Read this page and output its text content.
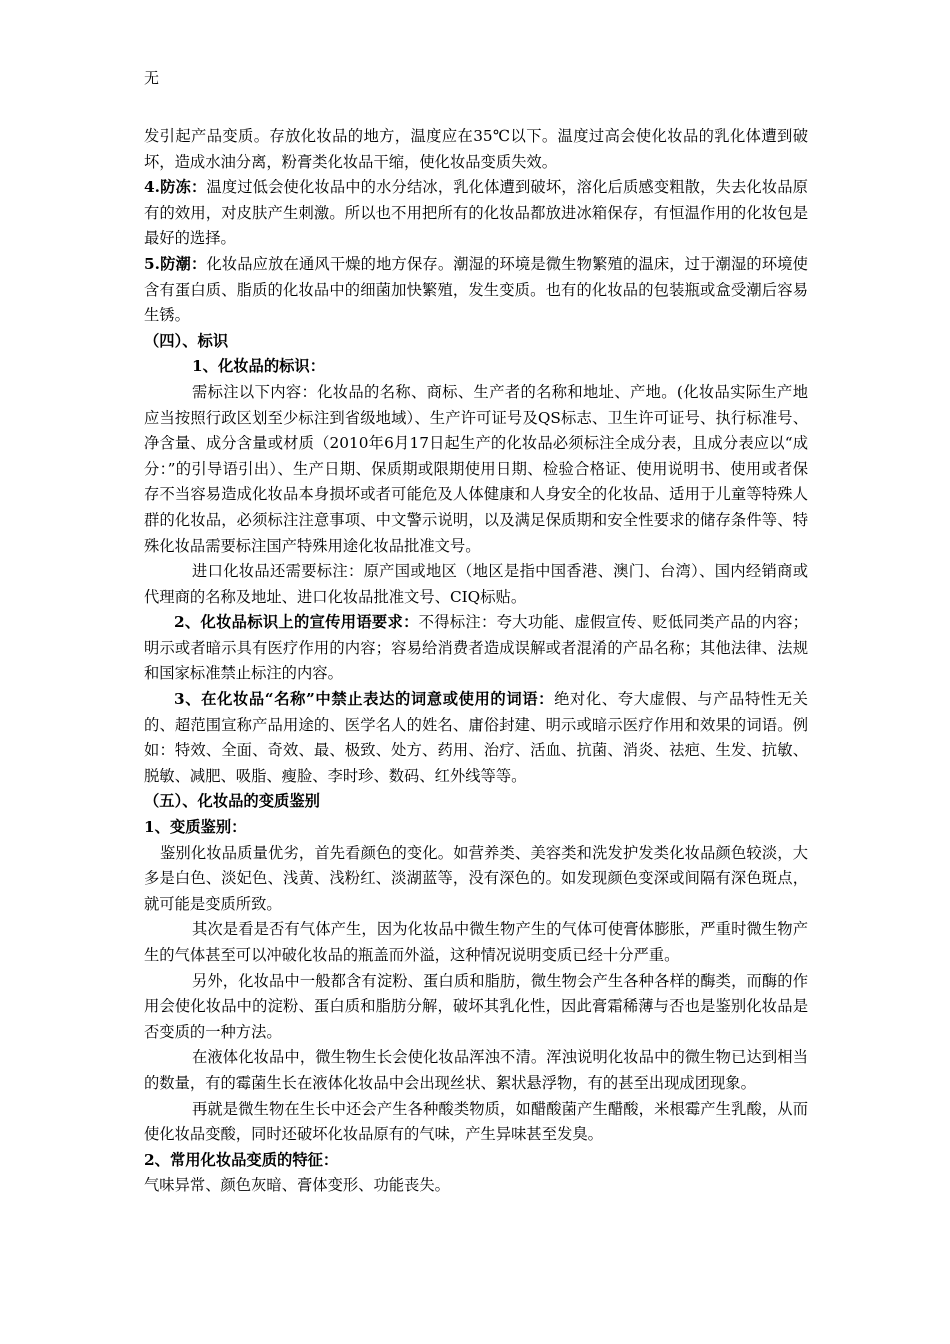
无

发引起产品变质。存放化妆品的地方，温度应在35℃以下。温度过高会使化妆品的乳化体遭到破坏，造成水油分离，粉膏类化妆品干缩，使化妆品变质失效。

4.防冻：温度过低会使化妆品中的水分结冰，乳化体遭到破坏，溶化后质感变粗散，失去化妆品原有的效用，对皮肤产生刺激。所以也不用把所有的化妆品都放进冰箱保存，有恒温作用的化妆包是最好的选择。

5.防潮：化妆品应放在通风干燥的地方保存。潮湿的环境是微生物繁殖的温床，过于潮湿的环境使含有蛋白质、脂质的化妆品中的细菌加快繁殖，发生变质。也有的化妆品的包装瓶或盒受潮后容易生锈。

（四）、标识

1、化妆品的标识：

需标注以下内容：化妆品的名称、商标、生产者的名称和地址、产地。(化妆品实际生产地应当按照行政区划至少标注到省级地域）、生产许可证号及QS标志、卫生许可证号、执行标准号、净含量、成分含量或材质（2010年6月17日起生产的化妆品必须标注全成分表，且成分表应以“成分：”的引导语引出）、生产日期、保质期或限期使用日期、检验合格证、使用说明书、使用或者保存不当容易造成化妆品本身损坏或者可能危及人体健康和人身安全的化妆品、适用于儿童等特殊人群的化妆品，必须标注注意事项、中文警示说明，以及满足保质期和安全性要求的储存条件等、特殊化妆品需要标注国产特殊用途化妆品批准文号。

进口化妆品还需要标注：原产国或地区（地区是指中国香港、澳门、台湾）、国内经销商或代理商的名称及地址、进口化妆品批准文号、CIQ标贴。

2、化妆品标识上的宣传用语要求：不得标注：夸大功能、虚假宣传、贬低同类产品的内容；明示或者暗示具有医疗作用的内容；容易给消费者造成误解或者混淆的产品名称；其他法律、法规和国家标准禁止标注的内容。

3、在化妆品“名称”中禁止表达的词意或使用的词语：绝对化、夸大虚假、与产品特性无关的、超范围宣称产品用途的、医学名人的姓名、庸俗封建、明示或暗示医疗作用和效果的词语。例如：特效、全面、奇效、最、极致、处方、药用、治疗、活血、抗菌、消炎、祛疤、生发、抗敏、脱敏、减肥、吸脂、瘦脸、李时珍、数码、红外线等等。

（五）、化妆品的变质鉴别

1、变质鉴别：

鉴别化妆品质量优劣，首先看颜色的变化。如营养类、美容类和洗发护发类化妆品颜色较淡，大多是白色、淡妃色、浅黄、浅粉红、淡湖蓝等，没有深色的。如发现颜色变深或间隔有深色斑点，就可能是变质所致。

其次是看是否有气体产生，因为化妆品中微生物产生的气体可使膏体膨胀，严重时微生物产生的气体甚至可以冲破化妆品的瓶盖而外溢，这种情况说明变质已经十分严重。

另外，化妆品中一般都含有淀粉、蛋白质和脂肪，微生物会产生各种各样的酶类，而酶的作用会使化妆品中的淀粉、蛋白质和脂肪分解，破坏其乳化性，因此膏霜稀薄与否也是鉴别化妆品是否变质的一种方法。

在液体化妆品中，微生物生长会使化妆品浑浊不清。浑浊说明化妆品中的微生物已达到相当的数量，有的霉菌生长在液体化妆品中会出现丝状、絮状悬浮物，有的甚至出现成团现象。

再就是微生物在生长中还会产生各种酸类物质，如醋酸菌产生醋酸，米根霉产生乳酸，从而使化妆品变酸，同时还破坏化妆品原有的气味，产生异味甚至发臭。

2、常用化妆品变质的特征：

气味异常、颜色灰暗、膏体变形、功能丧失。
